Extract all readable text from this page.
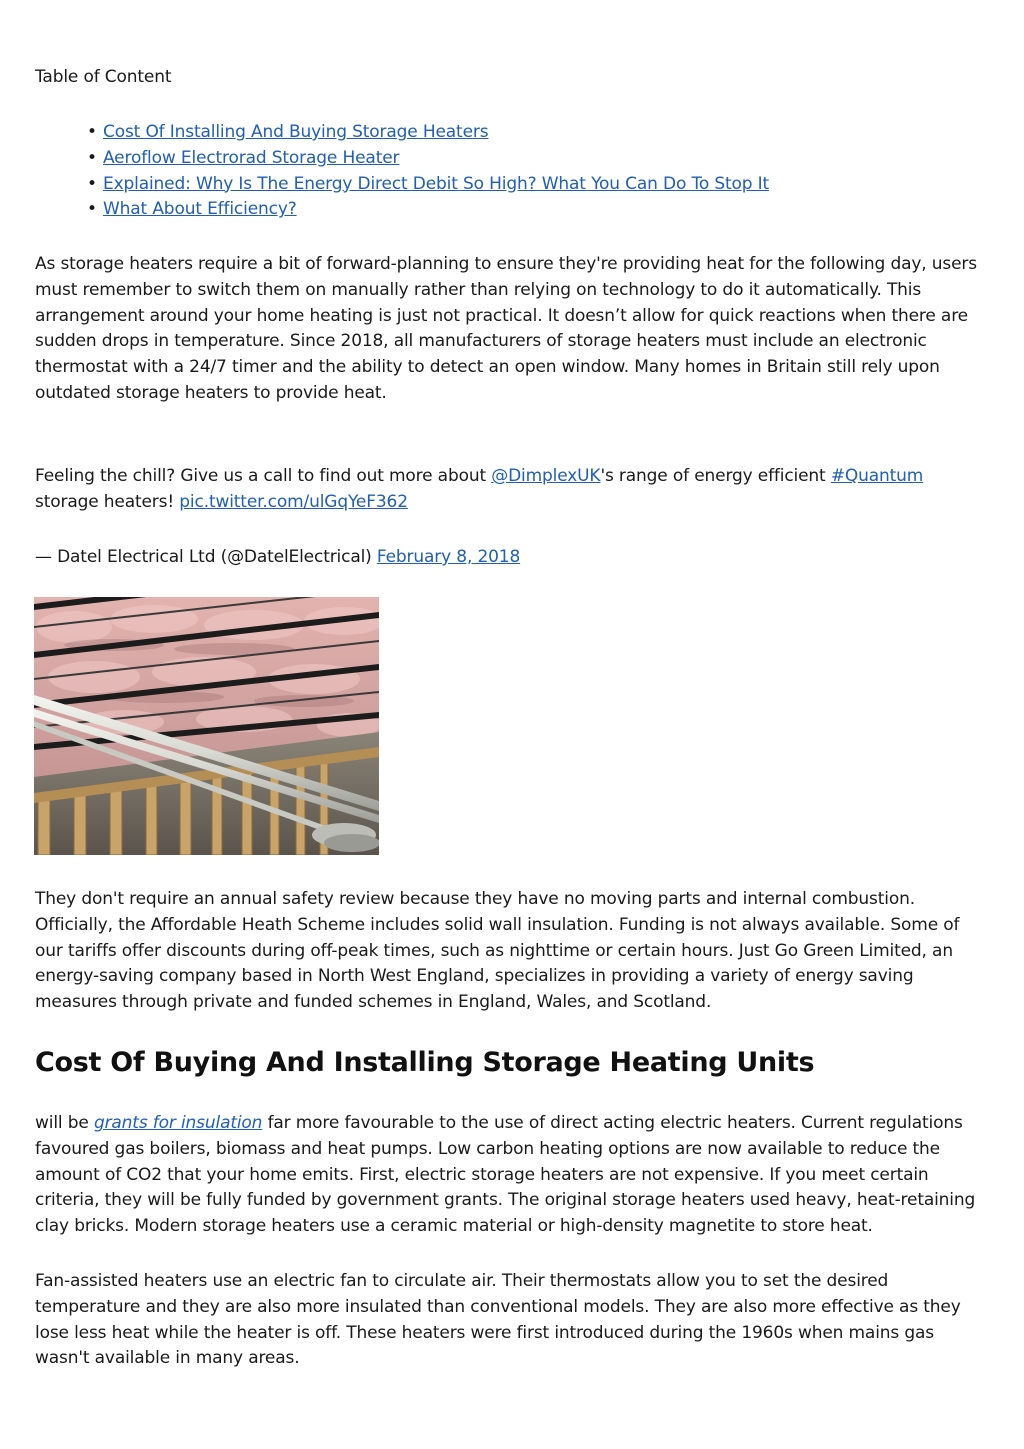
Table of Content

• Cost Of Installing And Buying Storage Heaters
• Aeroflow Electrorad Storage Heater
• Explained: Why Is The Energy Direct Debit So High? What You Can Do To Stop It
• What About Efficiency?

As storage heaters require a bit of forward-planning to ensure they're providing heat for the following day, users must remember to switch them on manually rather than relying on technology to do it automatically. This arrangement around your home heating is just not practical. It doesn’t allow for quick reactions when there are sudden drops in temperature. Since 2018, all manufacturers of storage heaters must include an electronic thermostat with a 24/7 timer and the ability to detect an open window. Many homes in Britain still rely upon outdated storage heaters to provide heat.

Feeling the chill? Give us a call to find out more about @DimplexUK's range of energy efficient #Quantum storage heaters! pic.twitter.com/ulGqYeF362

— Datel Electrical Ltd (@DatelElectrical) February 8, 2018

They don't require an annual safety review because they have no moving parts and internal combustion. Officially, the Affordable Heath Scheme includes solid wall insulation. Funding is not always available. Some of our tariffs offer discounts during off-peak times, such as nighttime or certain hours. Just Go Green Limited, an energy-saving company based in North West England, specializes in providing a variety of energy saving measures through private and funded schemes in England, Wales, and Scotland.

Cost Of Buying And Installing Storage Heating Units

will be grants for insulation far more favourable to the use of direct acting electric heaters. Current regulations favoured gas boilers, biomass and heat pumps. Low carbon heating options are now available to reduce the amount of CO2 that your home emits. First, electric storage heaters are not expensive. If you meet certain criteria, they will be fully funded by government grants. The original storage heaters used heavy, heat-retaining clay bricks. Modern storage heaters use a ceramic material or high-density magnetite to store heat.

Fan-assisted heaters use an electric fan to circulate air. Their thermostats allow you to set the desired temperature and they are also more insulated than conventional models. They are also more effective as they lose less heat while the heater is off. These heaters were first introduced during the 1960s when mains gas wasn't available in many areas.
